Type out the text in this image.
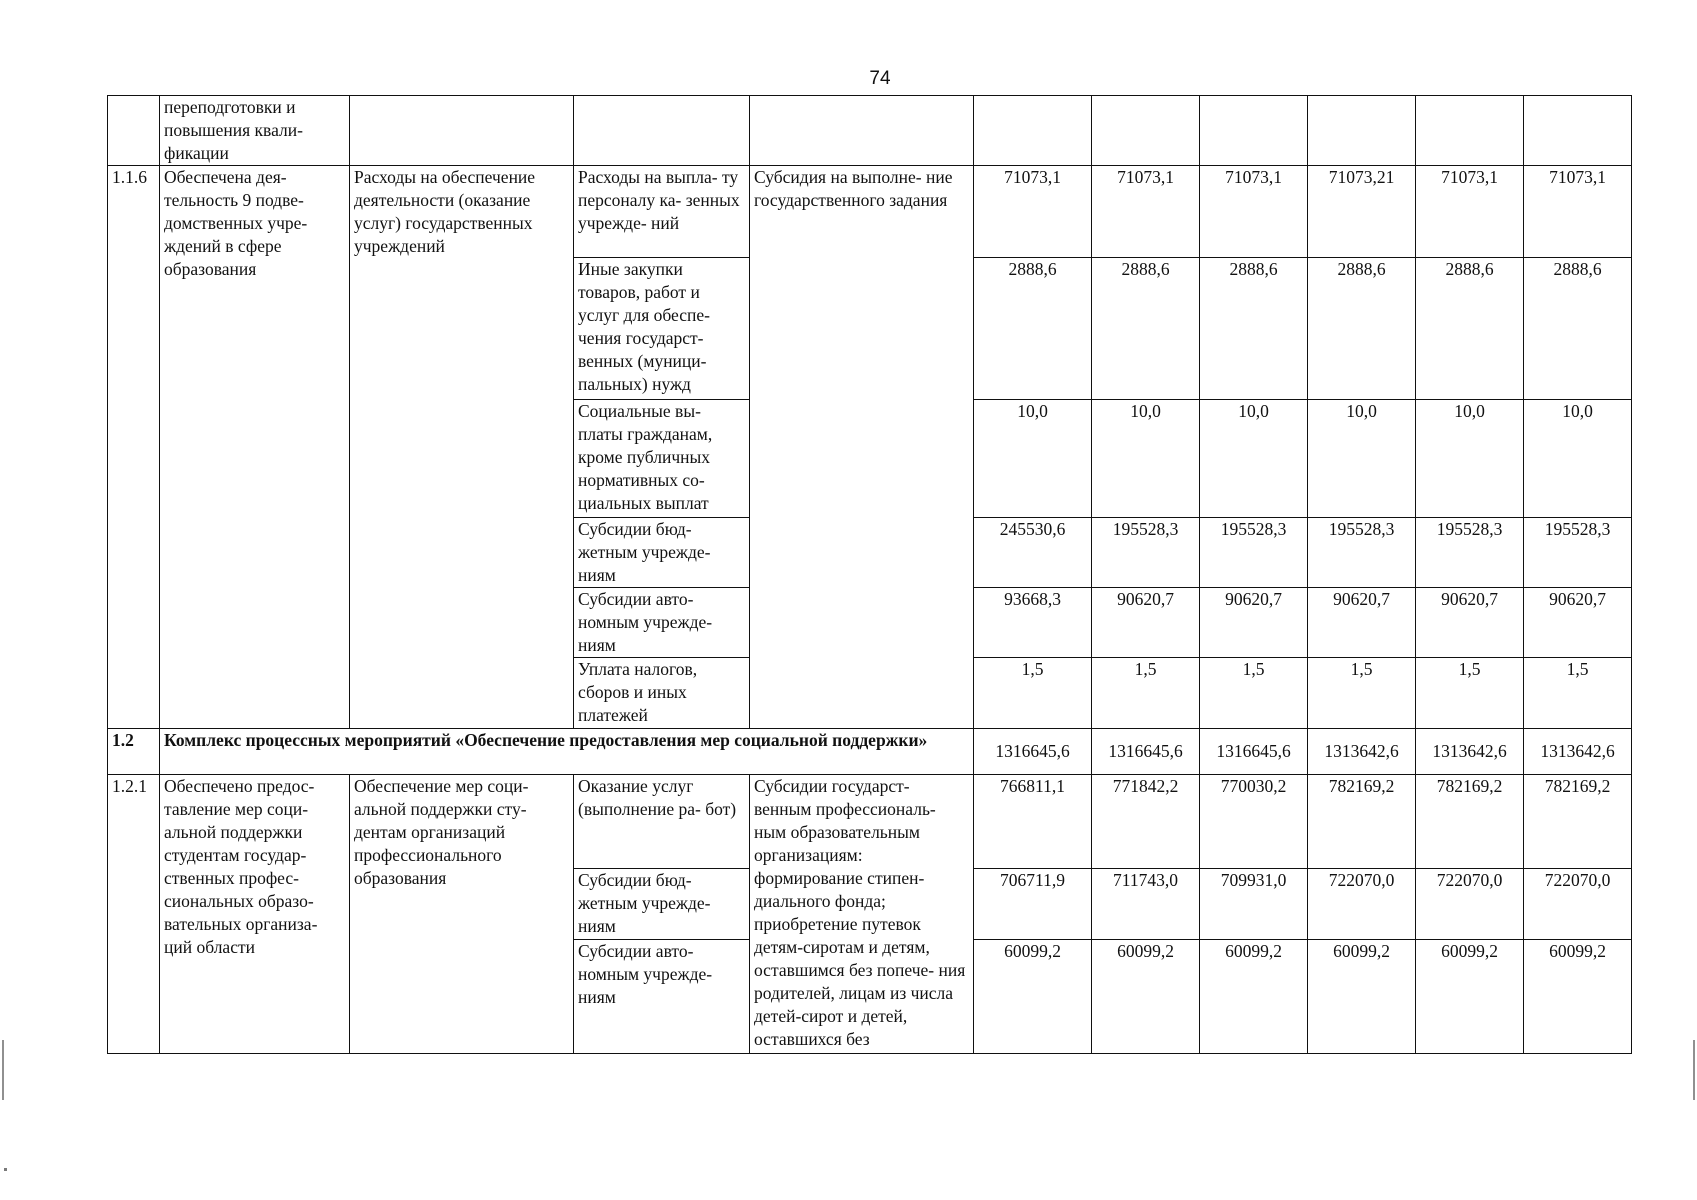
74
	переподготовки и повышения квали- фикации									
1.1.6	Обеспечена дея- тельность 9 подве- домственных учре- ждений в сфере образования	Расходы на обеспечение деятельности (оказание услуг) государственных учреждений	Расходы на выпла- ту персоналу ка- зенных учрежде- ний	Субсидия на выполне- ние государственного задания	71073,1	71073,1	71073,1	71073,21	71073,1	71073,1
			Иные закупки товаров, работ и услуг для обеспе- чения государст- венных (муници- пальных) нужд		2888,6	2888,6	2888,6	2888,6	2888,6	2888,6
			Социальные вы- платы гражданам, кроме публичных нормативных со- циальных выплат		10,0	10,0	10,0	10,0	10,0	10,0
			Субсидии бюд- жетным учрежде- ниям		245530,6	195528,3	195528,3	195528,3	195528,3	195528,3
			Субсидии авто- номным учрежде- ниям		93668,3	90620,7	90620,7	90620,7	90620,7	90620,7
			Уплата налогов, сборов и иных платежей		1,5	1,5	1,5	1,5	1,5	1,5
1.2	Комплекс процессных мероприятий «Обеспечение предоставления мер социальной поддержки»				1316645,6	1316645,6	1316645,6	1313642,6	1313642,6	1313642,6
1.2.1	Обеспечено предос- тавление мер соци- альной поддержки студентам государ- ственных профес- сиональных образо- вательных организа- ций области	Обеспечение мер соци- альной поддержки сту- дентам организаций профессионального образования	Оказание услуг (выполнение ра- бот)	Субсидии государст- венным профессиональ- ным образовательным организациям: формирование стипен- диального фонда; приобретение путевок детям-сиротам и детям, оставшимся без попече- ния родителей, лицам из числа детей-сирот и детей, оставшихся без	766811,1	771842,2	770030,2	782169,2	782169,2	782169,2
			Субсидии бюд- жетным учрежде- ниям		706711,9	711743,0	709931,0	722070,0	722070,0	722070,0
			Субсидии авто- номным учрежде- ниям		60099,2	60099,2	60099,2	60099,2	60099,2	60099,2
